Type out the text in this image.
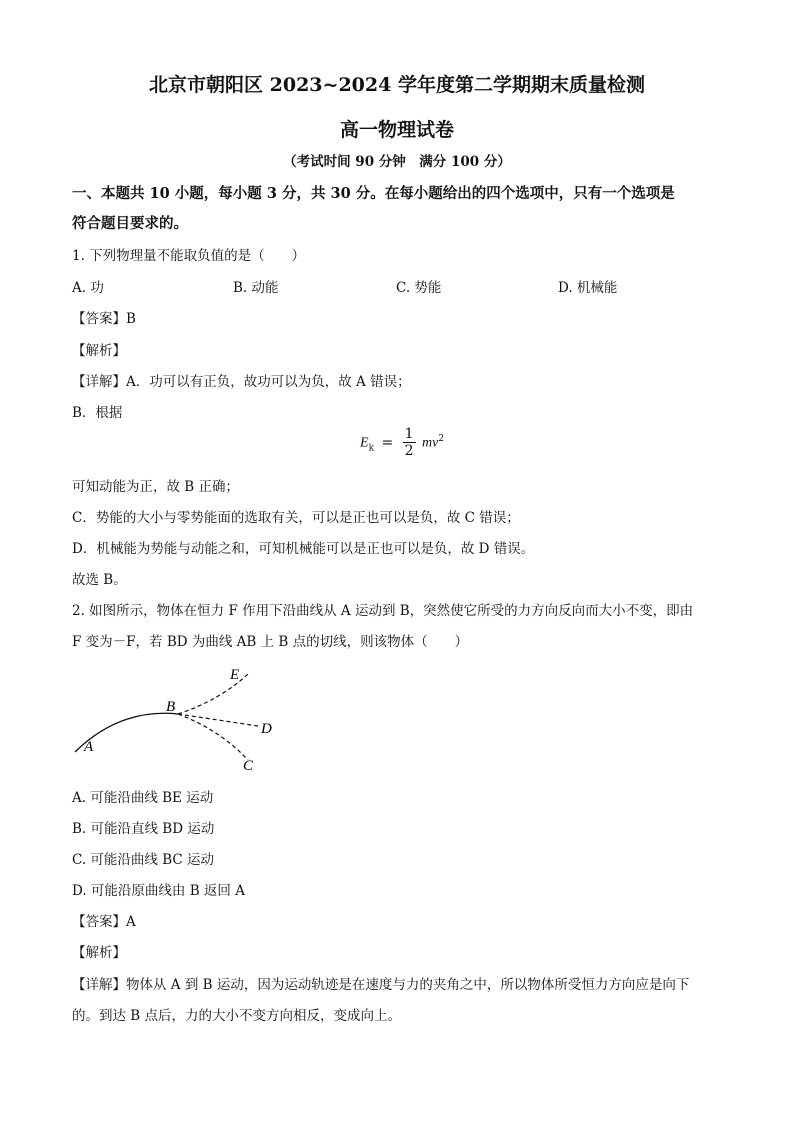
北京市朝阳区 2023~2024 学年度第二学期期末质量检测
高一物理试卷
（考试时间 90 分钟　满分 100 分）
一、本题共 10 小题，每小题 3 分，共 30 分。在每小题给出的四个选项中，只有一个选项是
符合题目要求的。
1. 下列物理量不能取负值的是（　　）
A. 功	B. 动能	C. 势能	D. 机械能
【答案】B
【解析】
【详解】A．功可以有正负，故功可以为负，故 A 错误；
B．根据
$E_k = \frac{1}{2} mv^2$
可知动能为正，故 B 正确；
C．势能的大小与零势能面的选取有关，可以是正也可以是负，故 C 错误；
D．机械能为势能与动能之和，可知机械能可以是正也可以是负，故 D 错误。
故选 B。
2. 如图所示，物体在恒力 F 作用下沿曲线从 A 运动到 B，突然使它所受的力方向反向而大小不变，即由
F 变为－F，若 BD 为曲线 AB 上 B 点的切线，则该物体（　　）
A
B
C
D
E
A. 可能沿曲线 BE 运动
B. 可能沿直线 BD 运动
C. 可能沿曲线 BC 运动
D. 可能沿原曲线由 B 返回 A
【答案】A
【解析】
【详解】物体从 A 到 B 运动，因为运动轨迹是在速度与力的夹角之中，所以物体所受恒力方向应是向下
的。到达 B 点后，力的大小不变方向相反，变成向上。
